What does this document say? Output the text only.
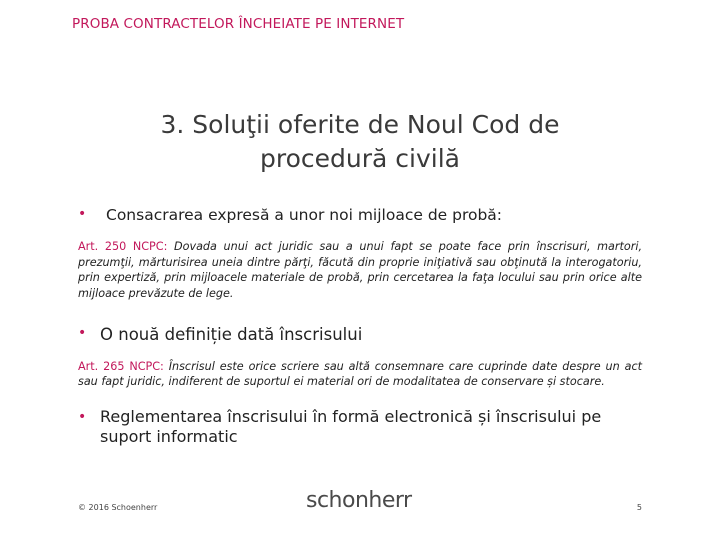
PROBA CONTRACTELOR ÎNCHEIATE PE INTERNET
3. Soluţii oferite de Noul Cod de procedură civilă
•	Consacrarea expresă a unor noi mijloace de probă:
Art. 250 NCPC: Dovada unui act juridic sau a unui fapt se poate face prin înscrisuri, martori, prezumţii, mărturisirea uneia dintre părţi, făcută din proprie iniţiativă sau obţinută la interogatoriu, prin expertiză, prin mijloacele materiale de probă, prin cercetarea la faţa locului sau prin orice alte mijloace prevăzute de lege.
• O nouă definiție dată înscrisului
Art. 265 NCPC: Înscrisul este orice scriere sau altă consemnare care cuprinde date despre un act sau fapt juridic, indiferent de suportul ei material ori de modalitatea de conservare și stocare.
• Reglementarea înscrisului în formă electronică și înscrisului pe suport informatic
© 2016 Schoenherr	schonherr	5
